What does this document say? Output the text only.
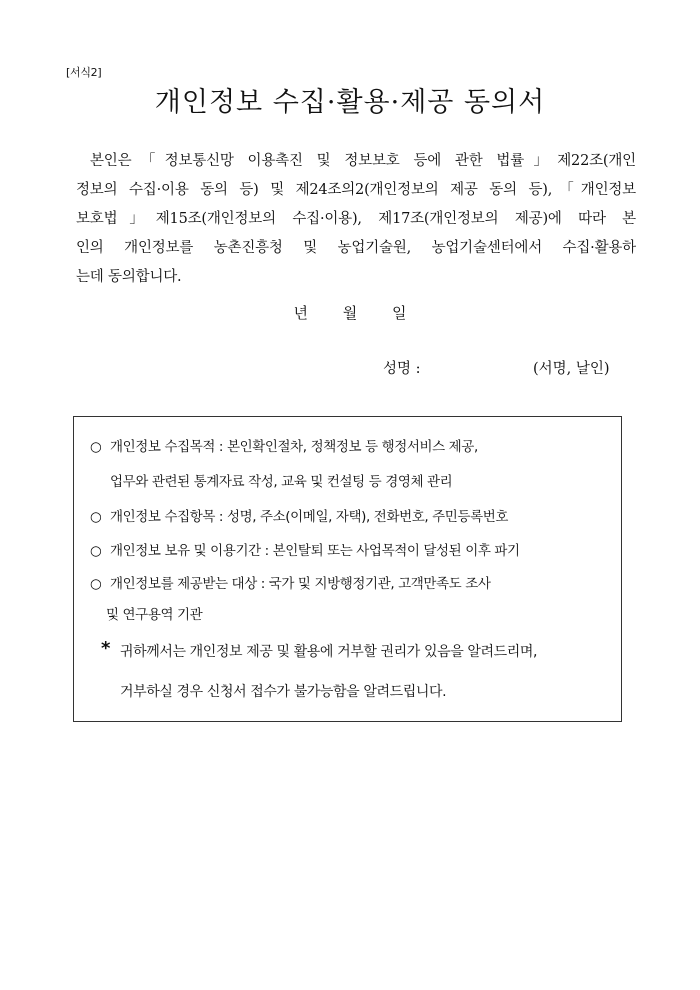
[서식2]
개인정보 수집·활용·제공 동의서

본인은「정보통신망 이용촉진 및 정보보호 등에 관한 법률」제22조(개인
정보의 수집·이용 동의 등) 및 제24조의2(개인정보의 제공 동의 등),「개인정보
보호법」제15조(개인정보의 수집·이용), 제17조(개인정보의 제공)에 따라 본
인의 개인정보를 농촌진흥청 및 농업기술원, 농업기술센터에서 수집·활용하
는데 동의합니다.

년 월 일
성명 :	(서명, 날인)
○ 개인정보 수집목적 : 본인확인절차, 정책정보 등 행정서비스 제공,
업무와 관련된 통계자료 작성, 교육 및 컨설팅 등 경영체 관리
○ 개인정보 수집항목 : 성명, 주소(이메일, 자택), 전화번호, 주민등록번호
○ 개인정보 보유 및 이용기간 : 본인탈퇴 또는 사업목적이 달성된 이후 파기
○ 개인정보를 제공받는 대상 : 국가 및 지방행정기관, 고객만족도 조사
및 연구용역 기관
* 귀하께서는 개인정보 제공 및 활용에 거부할 권리가 있음을 알려드리며,
거부하실 경우 신청서 접수가 불가능함을 알려드립니다.
